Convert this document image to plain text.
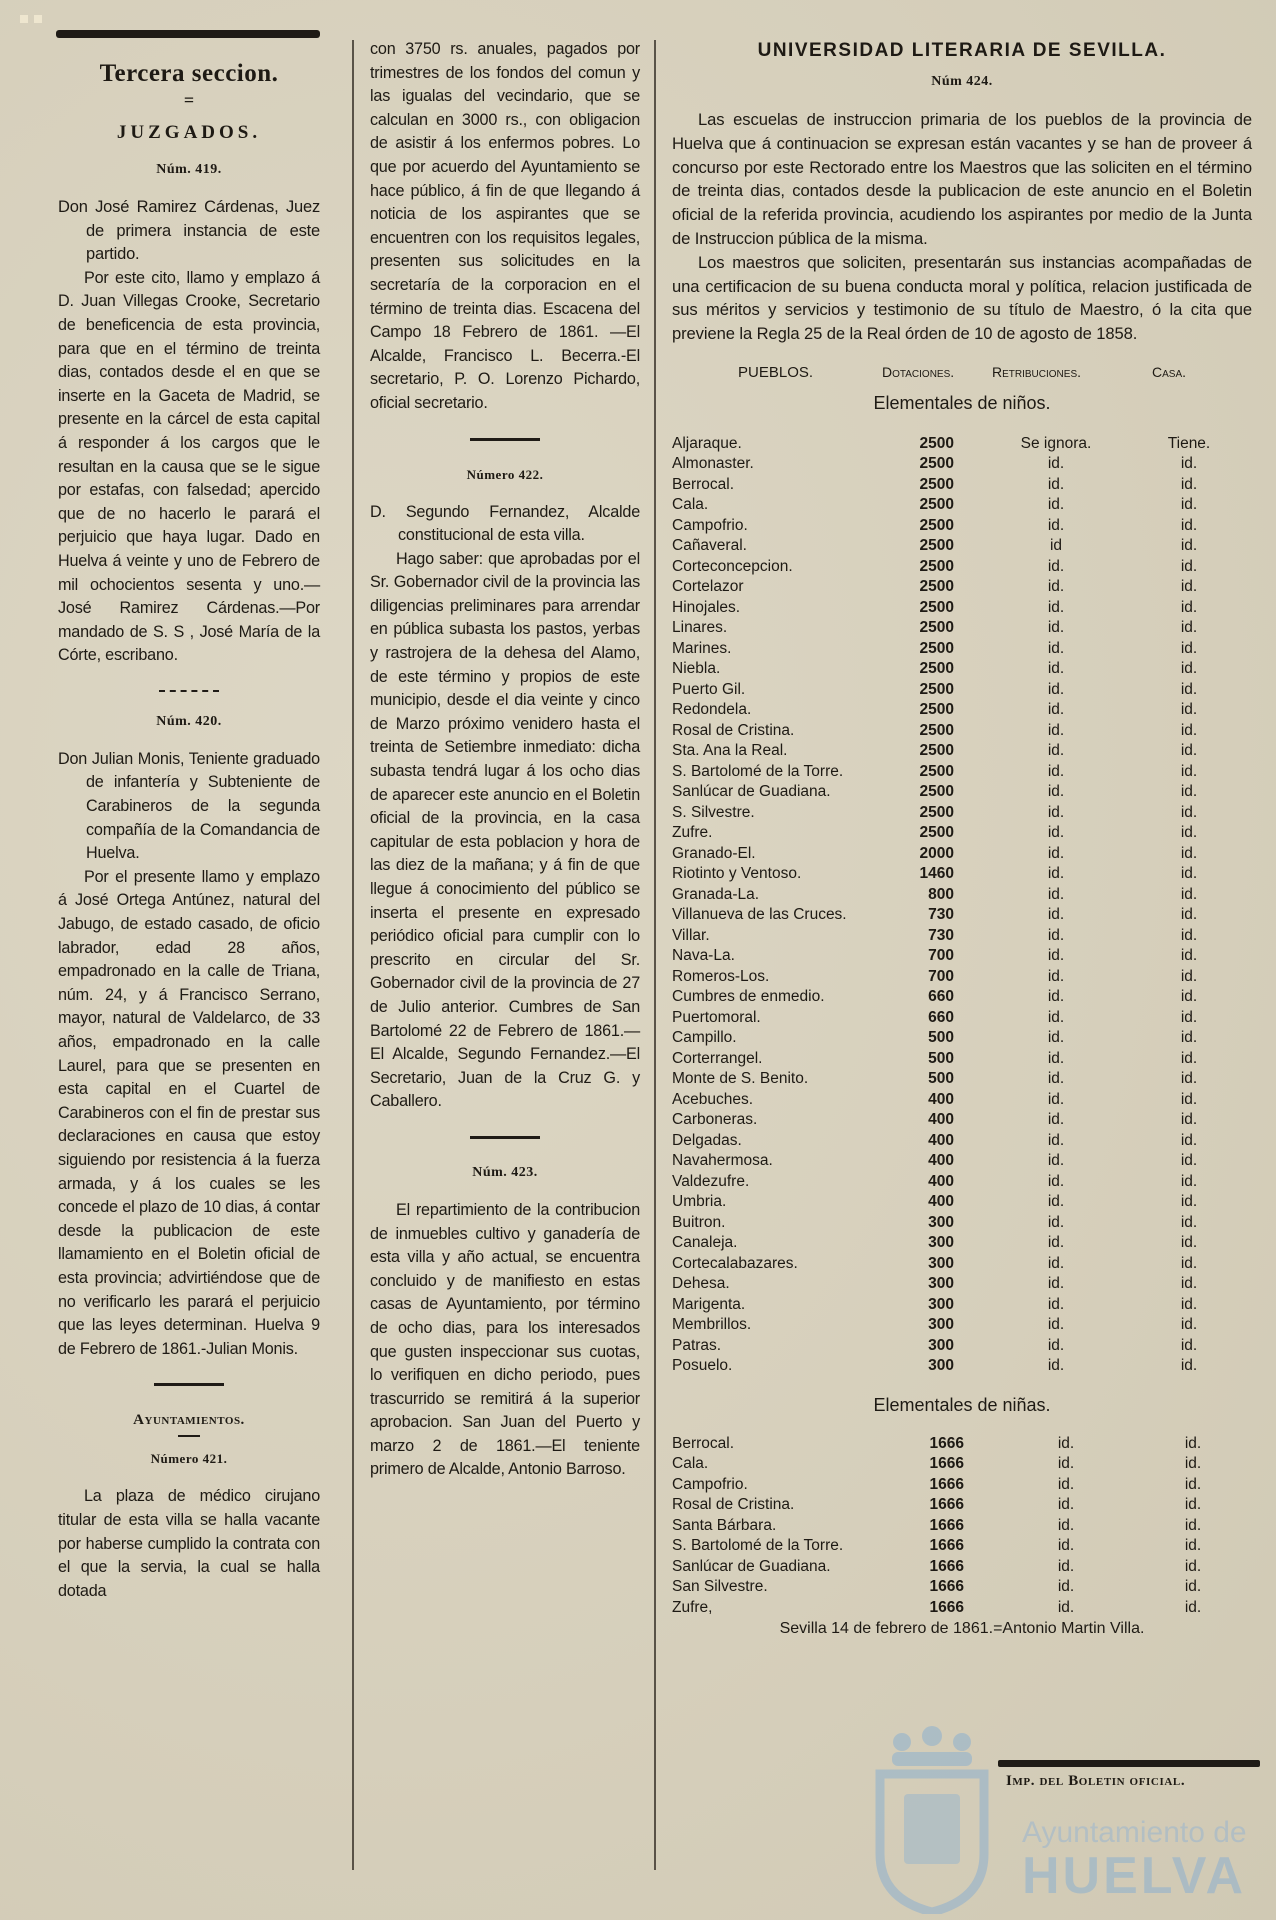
Tercera seccion.
=
JUZGADOS.
Núm. 419.

Don José Ramirez Cárdenas, Juez de primera instancia de este partido.

Por este cito, llamo y emplazo á D. Juan Villegas Crooke, Secretario de beneficencia de esta provincia, para que en el término de treinta dias, contados desde el en que se inserte en la Gaceta de Madrid, se presente en la cárcel de esta capital á responder á los cargos que le resultan en la causa que se le sigue por estafas, con falsedad; apercido que de no hacerlo le parará el perjuicio que haya lugar. Dado en Huelva á veinte y uno de Febrero de mil ochocientos sesenta y uno.—José Ramirez Cárdenas.—Por mandado de S. S , José María de la Córte, escribano.

Núm. 420.

Don Julian Monis, Teniente graduado de infantería y Subteniente de Carabineros de la segunda compañía de la Comandancia de Huelva.

Por el presente llamo y emplazo á José Ortega Antúnez, natural del Jabugo, de estado casado, de oficio labrador, edad 28 años, empadronado en la calle de Triana, núm. 24, y á Francisco Serrano, mayor, natural de Valdelarco, de 33 años, empadronado en la calle Laurel, para que se presenten en esta capital en el Cuartel de Carabineros con el fin de prestar sus declaraciones en causa que estoy siguiendo por resistencia á la fuerza armada, y á los cuales se les concede el plazo de 10 dias, á contar desde la publicacion de este llamamiento en el Boletin oficial de esta provincia; advirtiéndose que de no verificarlo les parará el perjuicio que las leyes determinan. Huelva 9 de Febrero de 1861.-Julian Monis.

Ayuntamientos.
Número 421.

La plaza de médico cirujano titular de esta villa se halla vacante por haberse cumplido la contrata con el que la servia, la cual se halla dotada

con 3750 rs. anuales, pagados por trimestres de los fondos del comun y las igualas del vecindario, que se calculan en 3000 rs., con obligacion de asistir á los enfermos pobres. Lo que por acuerdo del Ayuntamiento se hace público, á fin de que llegando á noticia de los aspirantes que se encuentren con los requisitos legales, presenten sus solicitudes en la secretaría de la corporacion en el término de treinta dias. Escacena del Campo 18 Febrero de 1861. —El Alcalde, Francisco L. Becerra.-El secretario, P. O. Lorenzo Pichardo, oficial secretario.

Número 422.

D. Segundo Fernandez, Alcalde constitucional de esta villa.

Hago saber: que aprobadas por el Sr. Gobernador civil de la provincia las diligencias preliminares para arrendar en pública subasta los pastos, yerbas y rastrojera de la dehesa del Alamo, de este término y propios de este municipio, desde el dia veinte y cinco de Marzo próximo venidero hasta el treinta de Setiembre inmediato: dicha subasta tendrá lugar á los ocho dias de aparecer este anuncio en el Boletin oficial de la provincia, en la casa capitular de esta poblacion y hora de las diez de la mañana; y á fin de que llegue á conocimiento del público se inserta el presente en expresado periódico oficial para cumplir con lo prescrito en circular del Sr. Gobernador civil de la provincia de 27 de Julio anterior. Cumbres de San Bartolomé 22 de Febrero de 1861.—El Alcalde, Segundo Fernandez.—El Secretario, Juan de la Cruz G. y Caballero.

Núm. 423.

El repartimiento de la contribucion de inmuebles cultivo y ganadería de esta villa y año actual, se encuentra concluido y de manifiesto en estas casas de Ayuntamiento, por término de ocho dias, para los interesados que gusten inspeccionar sus cuotas, lo verifiquen en dicho periodo, pues trascurrido se remitirá á la superior aprobacion. San Juan del Puerto y marzo 2 de 1861.—El teniente primero de Alcalde, Antonio Barroso.

UNIVERSIDAD LITERARIA DE SEVILLA.
Núm 424.

Las escuelas de instruccion primaria de los pueblos de la provincia de Huelva que á continuacion se expresan están vacantes y se han de proveer á concurso por este Rectorado entre los Maestros que las soliciten en el término de treinta dias, contados desde la publicacion de este anuncio en el Boletin oficial de la referida provincia, acudiendo los aspirantes por medio de la Junta de Instruccion pública de la misma.

Los maestros que soliciten, presentarán sus instancias acompañadas de una certificacion de su buena conducta moral y política, relacion justificada de sus méritos y servicios y testimonio de su título de Maestro, ó la cita que previene la Regla 25 de la Real órden de 10 de agosto de 1858.

PUEBLOS.	Dotaciones.	Retribuciones.	Casa.
Elementales de niños.
Aljaraque.	2500	Se ignora.	Tiene.
Almonaster.	2500	id.	id.
Berrocal.	2500	id.	id.
Cala.	2500	id.	id.
Campofrio.	2500	id.	id.
Cañaveral.	2500	id	id.
Corteconcepcion.	2500	id.	id.
Cortelazor	2500	id.	id.
Hinojales.	2500	id.	id.
Linares.	2500	id.	id.
Marines.	2500	id.	id.
Niebla.	2500	id.	id.
Puerto Gil.	2500	id.	id.
Redondela.	2500	id.	id.
Rosal de Cristina.	2500	id.	id.
Sta. Ana la Real.	2500	id.	id.
S. Bartolomé de la Torre.	2500	id.	id.
Sanlúcar de Guadiana.	2500	id.	id.
S. Silvestre.	2500	id.	id.
Zufre.	2500	id.	id.
Granado-El.	2000	id.	id.
Riotinto y Ventoso.	1460	id.	id.
Granada-La.	800	id.	id.
Villanueva de las Cruces.	730	id.	id.
Villar.	730	id.	id.
Nava-La.	700	id.	id.
Romeros-Los.	700	id.	id.
Cumbres de enmedio.	660	id.	id.
Puertomoral.	660	id.	id.
Campillo.	500	id.	id.
Corterrangel.	500	id.	id.
Monte de S. Benito.	500	id.	id.
Acebuches.	400	id.	id.
Carboneras.	400	id.	id.
Delgadas.	400	id.	id.
Navahermosa.	400	id.	id.
Valdezufre.	400	id.	id.
Umbria.	400	id.	id.
Buitron.	300	id.	id.
Canaleja.	300	id.	id.
Cortecalabazares.	300	id.	id.
Dehesa.	300	id.	id.
Marigenta.	300	id.	id.
Membrillos.	300	id.	id.
Patras.	300	id.	id.
Posuelo.	300	id.	id.
Elementales de niñas.
Berrocal.	1666	id.	id.
Cala.	1666	id.	id.
Campofrio.	1666	id.	id.
Rosal de Cristina.	1666	id.	id.
Santa Bárbara.	1666	id.	id.
S. Bartolomé de la Torre.	1666	id.	id.
Sanlúcar de Guadiana.	1666	id.	id.
San Silvestre.	1666	id.	id.
Zufre,	1666	id.	id.
Sevilla 14 de febrero de 1861.=Antonio Martin Villa.
Ayuntamiento de
HUELVA
Imp. del Boletin oficial.
